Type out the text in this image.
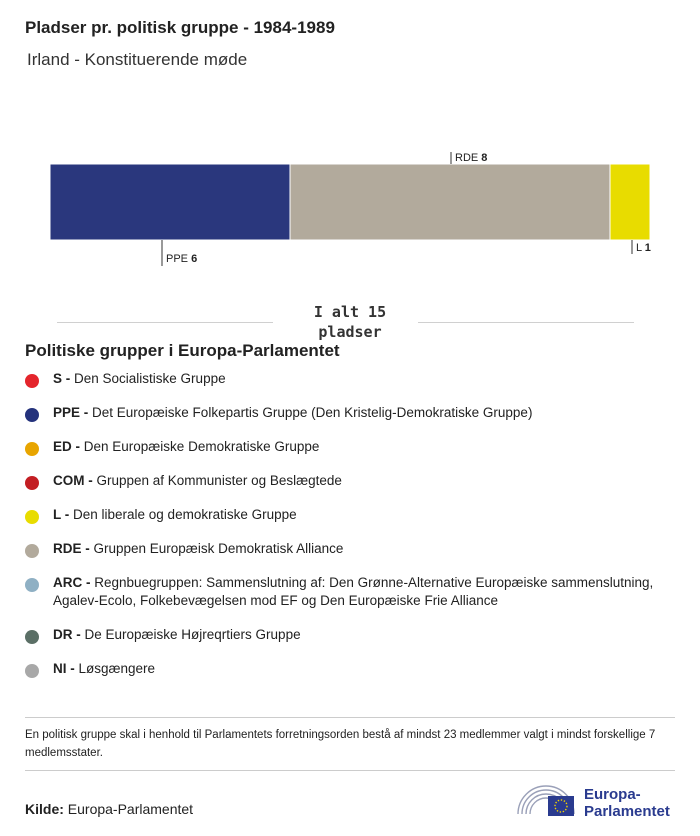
Pladser pr. politisk gruppe - 1984-1989
Irland - Konstituerende møde
PPE 6
RDE 8
L 1
I alt 15
pladser
Politiske grupper i Europa-Parlamentet
S - Den Socialistiske Gruppe
PPE - Det Europæiske Folkepartis Gruppe (Den Kristelig-Demokratiske Gruppe)
ED - Den Europæiske Demokratiske Gruppe
COM - Gruppen af Kommunister og Beslægtede
L - Den liberale og demokratiske Gruppe
RDE - Gruppen Europæisk Demokratisk Alliance
ARC - Regnbuegruppen: Sammenslutning af: Den Grønne-Alternative Europæiske sammenslutning, Agalev-Ecolo, Folkebevægelsen mod EF og Den Europæiske Frie Alliance
DR - De Europæiske Højreqrtiers Gruppe
NI - Løsgængere
En politisk gruppe skal i henhold til Parlamentets forretningsorden bestå af mindst 23 medlemmer valgt i mindst forskellige 7 medlemsstater.
Kilde: Europa-Parlamentet
Europa-
Parlamentet
